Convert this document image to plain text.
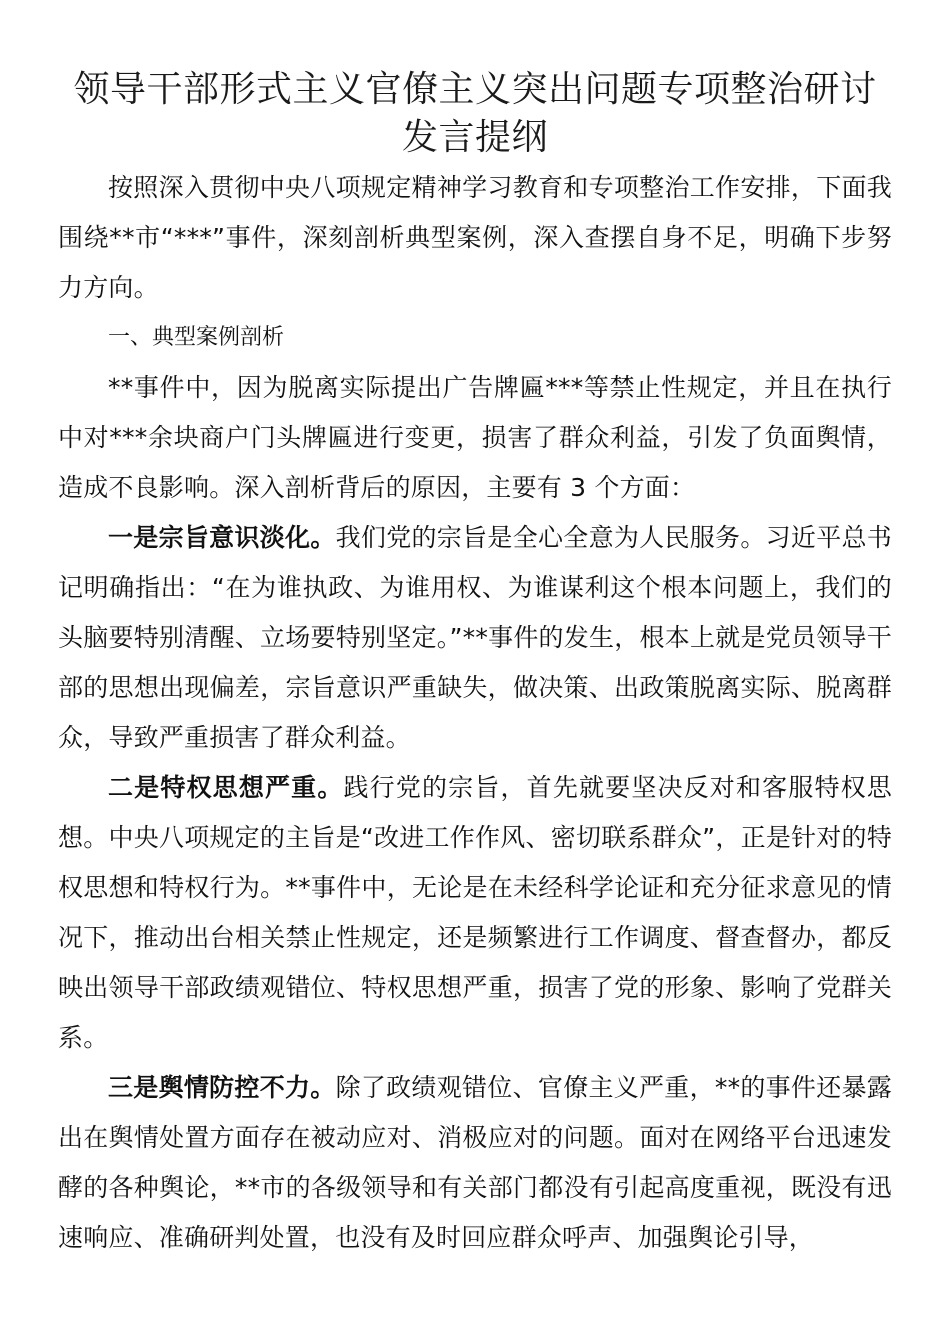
领导干部形式主义官僚主义突出问题专项整治研讨发言提纲

按照深入贯彻中央八项规定精神学习教育和专项整治工作安排，下面我围绕**市“***”事件，深刻剖析典型案例，深入查摆自身不足，明确下步努力方向。

一、典型案例剖析

**事件中，因为脱离实际提出广告牌匾***等禁止性规定，并且在执行中对***余块商户门头牌匾进行变更，损害了群众利益，引发了负面舆情，造成不良影响。深入剖析背后的原因，主要有 3 个方面：

一是宗旨意识淡化。我们党的宗旨是全心全意为人民服务。习近平总书记明确指出：“在为谁执政、为谁用权、为谁谋利这个根本问题上，我们的头脑要特别清醒、立场要特别坚定。”**事件的发生，根本上就是党员领导干部的思想出现偏差，宗旨意识严重缺失，做决策、出政策脱离实际、脱离群众，导致严重损害了群众利益。

二是特权思想严重。践行党的宗旨，首先就要坚决反对和客服特权思想。中央八项规定的主旨是“改进工作作风、密切联系群众”，正是针对的特权思想和特权行为。**事件中，无论是在未经科学论证和充分征求意见的情况下，推动出台相关禁止性规定，还是频繁进行工作调度、督查督办，都反映出领导干部政绩观错位、特权思想严重，损害了党的形象、影响了党群关系。

三是舆情防控不力。除了政绩观错位、官僚主义严重，**的事件还暴露出在舆情处置方面存在被动应对、消极应对的问题。面对在网络平台迅速发酵的各种舆论，**市的各级领导和有关部门都没有引起高度重视，既没有迅速响应、准确研判处置，也没有及时回应群众呼声、加强舆论引导，
